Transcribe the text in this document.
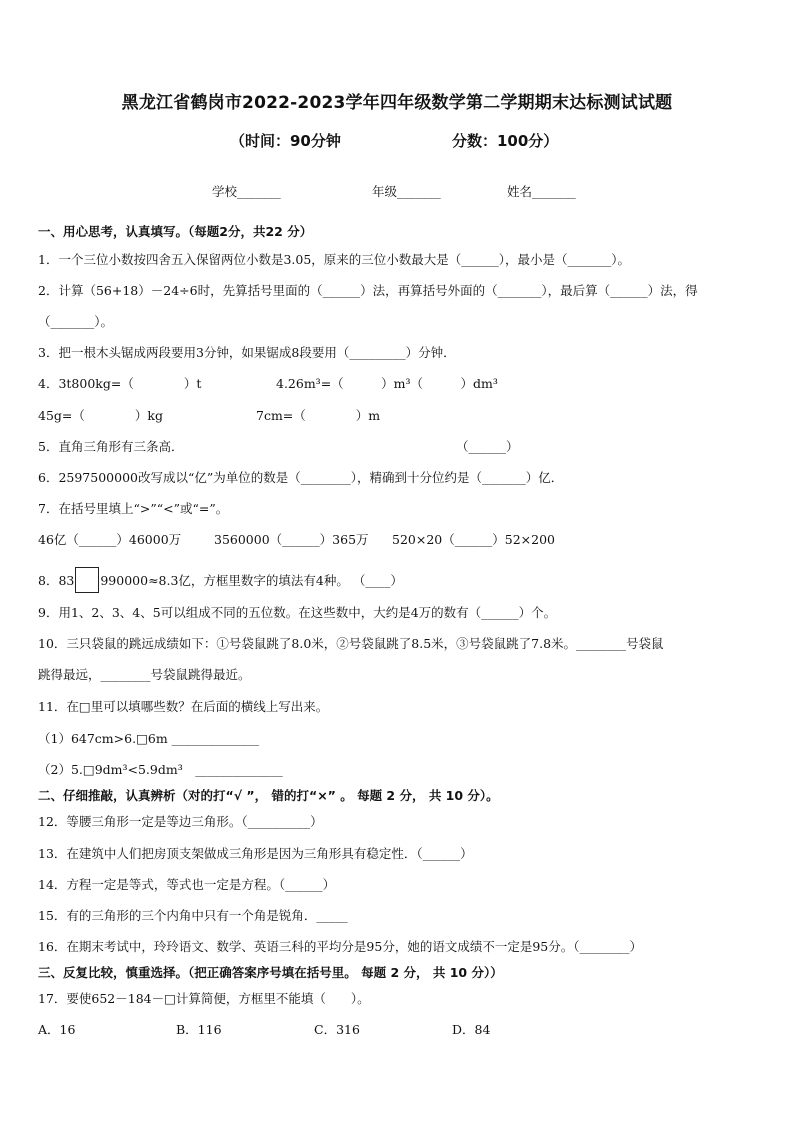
黑龙江省鹤岗市2022-2023学年四年级数学第二学期期末达标测试试题
（时间：90分钟	分数：100分）
学校_______	年级_______	姓名_______
一、用心思考，认真填写。（每题2分，共22 分）
1．一个三位小数按四舍五入保留两位小数是3.05，原来的三位小数最大是（______），最小是（_______）。
2．计算（56+18）－24÷6时，先算括号里面的（______）法，再算括号外面的（_______），最后算（______）法，得
（_______）。
3．把一根木头锯成两段要用3分钟，如果锯成8段要用（_________）分钟．
4．3t800kg=（　　　　）t	4.26m³=（　　　）m³（　　　）dm³
45g=（　　　　）kg	7cm=（　　　　）m
5．直角三角形有三条高．	（______）
6．2597500000改写成以“亿”为单位的数是（________），精确到十分位约是（_______）亿．
7．在括号里填上“>”“<”或“=”。
46亿（______）46000万	3560000（______）365万 520×20（______）52×200
8．83 990000≈8.3亿，方框里数字的填法有4种。 （____）
9．用1、2、3、4、5可以组成不同的五位数。在这些数中，大约是4万的数有（______）个。
10．三只袋鼠的跳远成绩如下：①号袋鼠跳了8.0米，②号袋鼠跳了8.5米，③号袋鼠跳了7.8米。________号袋鼠
跳得最远，________号袋鼠跳得最近。
11．在□里可以填哪些数？在后面的横线上写出来。
（1）647cm>6.□6m ______________
（2）5.□9dm³<5.9dm³　______________
二、仔细推敲，认真辨析（对的打“√ ”， 错的打“×” 。 每题 2 分， 共 10 分）。
12．等腰三角形一定是等边三角形。（__________）
13．在建筑中人们把房顶支架做成三角形是因为三角形具有稳定性．（______）
14．方程一定是等式，等式也一定是方程。（______）
15．有的三角形的三个内角中只有一个角是锐角．_____
16．在期末考试中，玲玲语文、数学、英语三科的平均分是95分，她的语文成绩不一定是95分。（________）
三、反复比较，慎重选择。（把正确答案序号填在括号里。 每题 2 分， 共 10 分））
17．要使652－184－□计算简便，方框里不能填（　　）。
A．16	B．116	C．316	D．84
